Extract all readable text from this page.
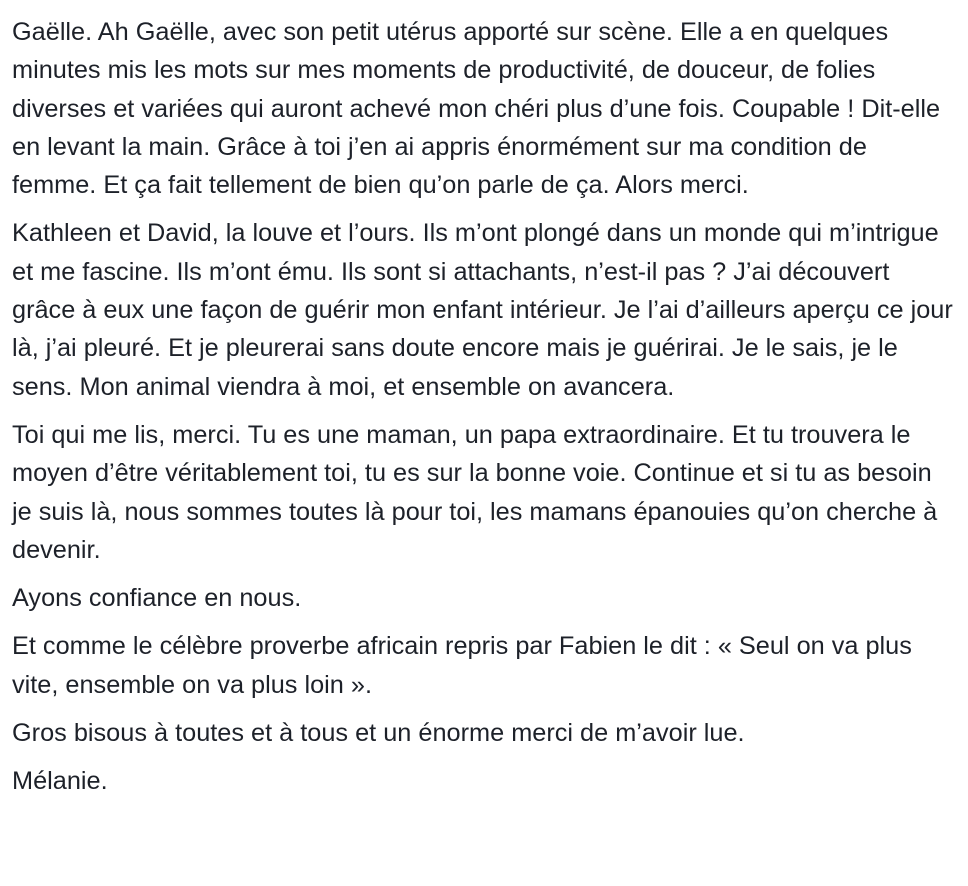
Gaëlle. Ah Gaëlle, avec son petit utérus apporté sur scène. Elle a en quelques minutes mis les mots sur mes moments de productivité, de douceur, de folies diverses et variées qui auront achevé mon chéri plus d’une fois. Coupable ! Dit-elle en levant la main. Grâce à toi j’en ai appris énormément sur ma condition de femme. Et ça fait tellement de bien qu’on parle de ça. Alors merci.

Kathleen et David, la louve et l’ours. Ils m’ont plongé dans un monde qui m’intrigue et me fascine. Ils m’ont ému. Ils sont si attachants, n’est-il pas ? J’ai découvert grâce à eux une façon de guérir mon enfant intérieur. Je l’ai d’ailleurs aperçu ce jour là, j’ai pleuré. Et je pleurerai sans doute encore mais je guérirai. Je le sais, je le sens. Mon animal viendra à moi, et ensemble on avancera.

Toi qui me lis, merci. Tu es une maman, un papa extraordinaire. Et tu trouvera le moyen d’être véritablement toi, tu es sur la bonne voie. Continue et si tu as besoin je suis là, nous sommes toutes là pour toi, les mamans épanouies qu’on cherche à devenir.

Ayons confiance en nous.

Et comme le célèbre proverbe africain repris par Fabien le dit : « Seul on va plus vite, ensemble on va plus loin ».

Gros bisous à toutes et à tous et un énorme merci de m’avoir lue.

Mélanie.
